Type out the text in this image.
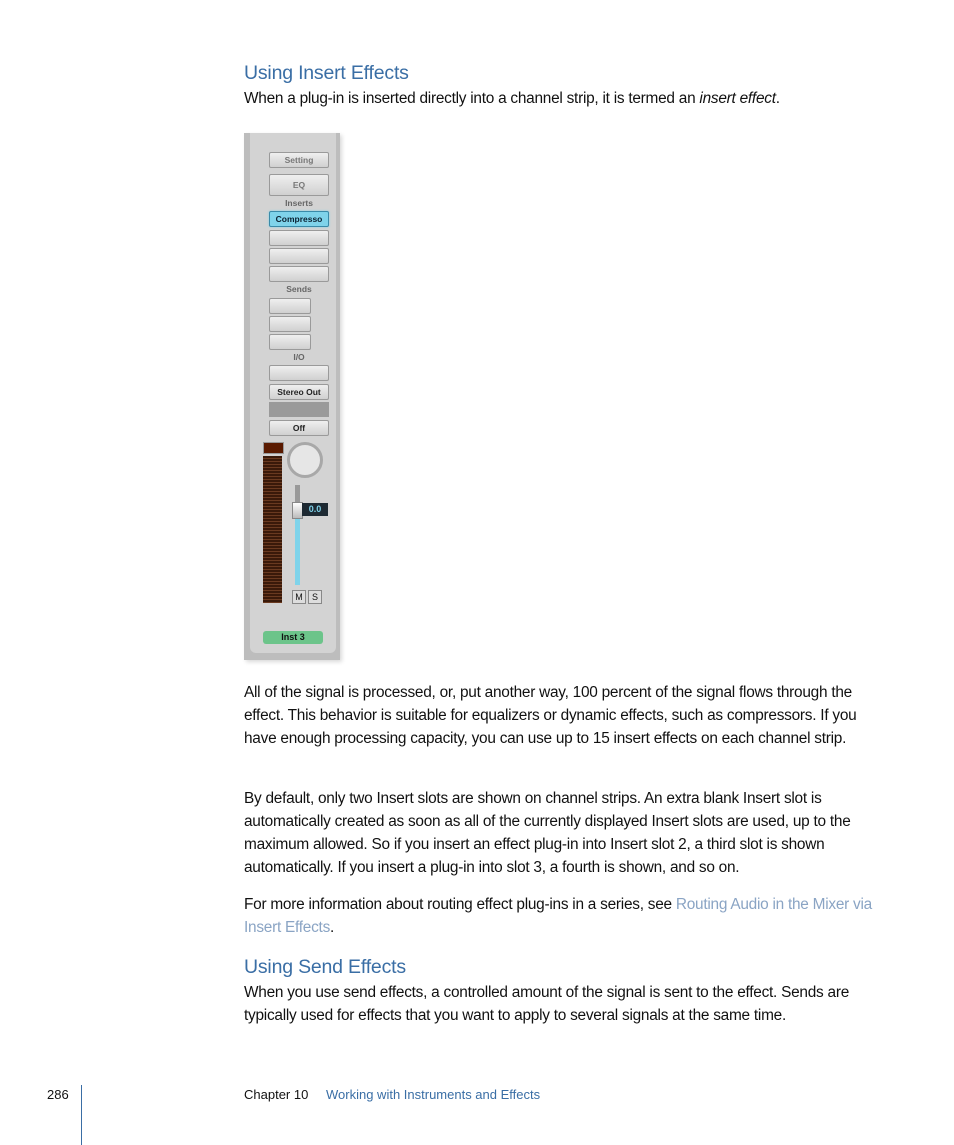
Using Insert Effects
When a plug-in is inserted directly into a channel strip, it is termed an insert effect.
Setting
EQ
Inserts
Compresso
Sends
I/O
Stereo Out
Off
0.0
M	S
Inst 3
All of the signal is processed, or, put another way, 100 percent of the signal flows through the effect. This behavior is suitable for equalizers or dynamic effects, such as compressors. If you have enough processing capacity, you can use up to 15 insert effects on each channel strip.
By default, only two Insert slots are shown on channel strips. An extra blank Insert slot is automatically created as soon as all of the currently displayed Insert slots are used, up to the maximum allowed. So if you insert an effect plug-in into Insert slot 2, a third slot is shown automatically. If you insert a plug-in into slot 3, a fourth is shown, and so on.
For more information about routing effect plug-ins in a series, see Routing Audio in the Mixer via Insert Effects.
Using Send Effects
When you use send effects, a controlled amount of the signal is sent to the effect. Sends are typically used for effects that you want to apply to several signals at the same time.
286	Chapter 10 Working with Instruments and Effects
